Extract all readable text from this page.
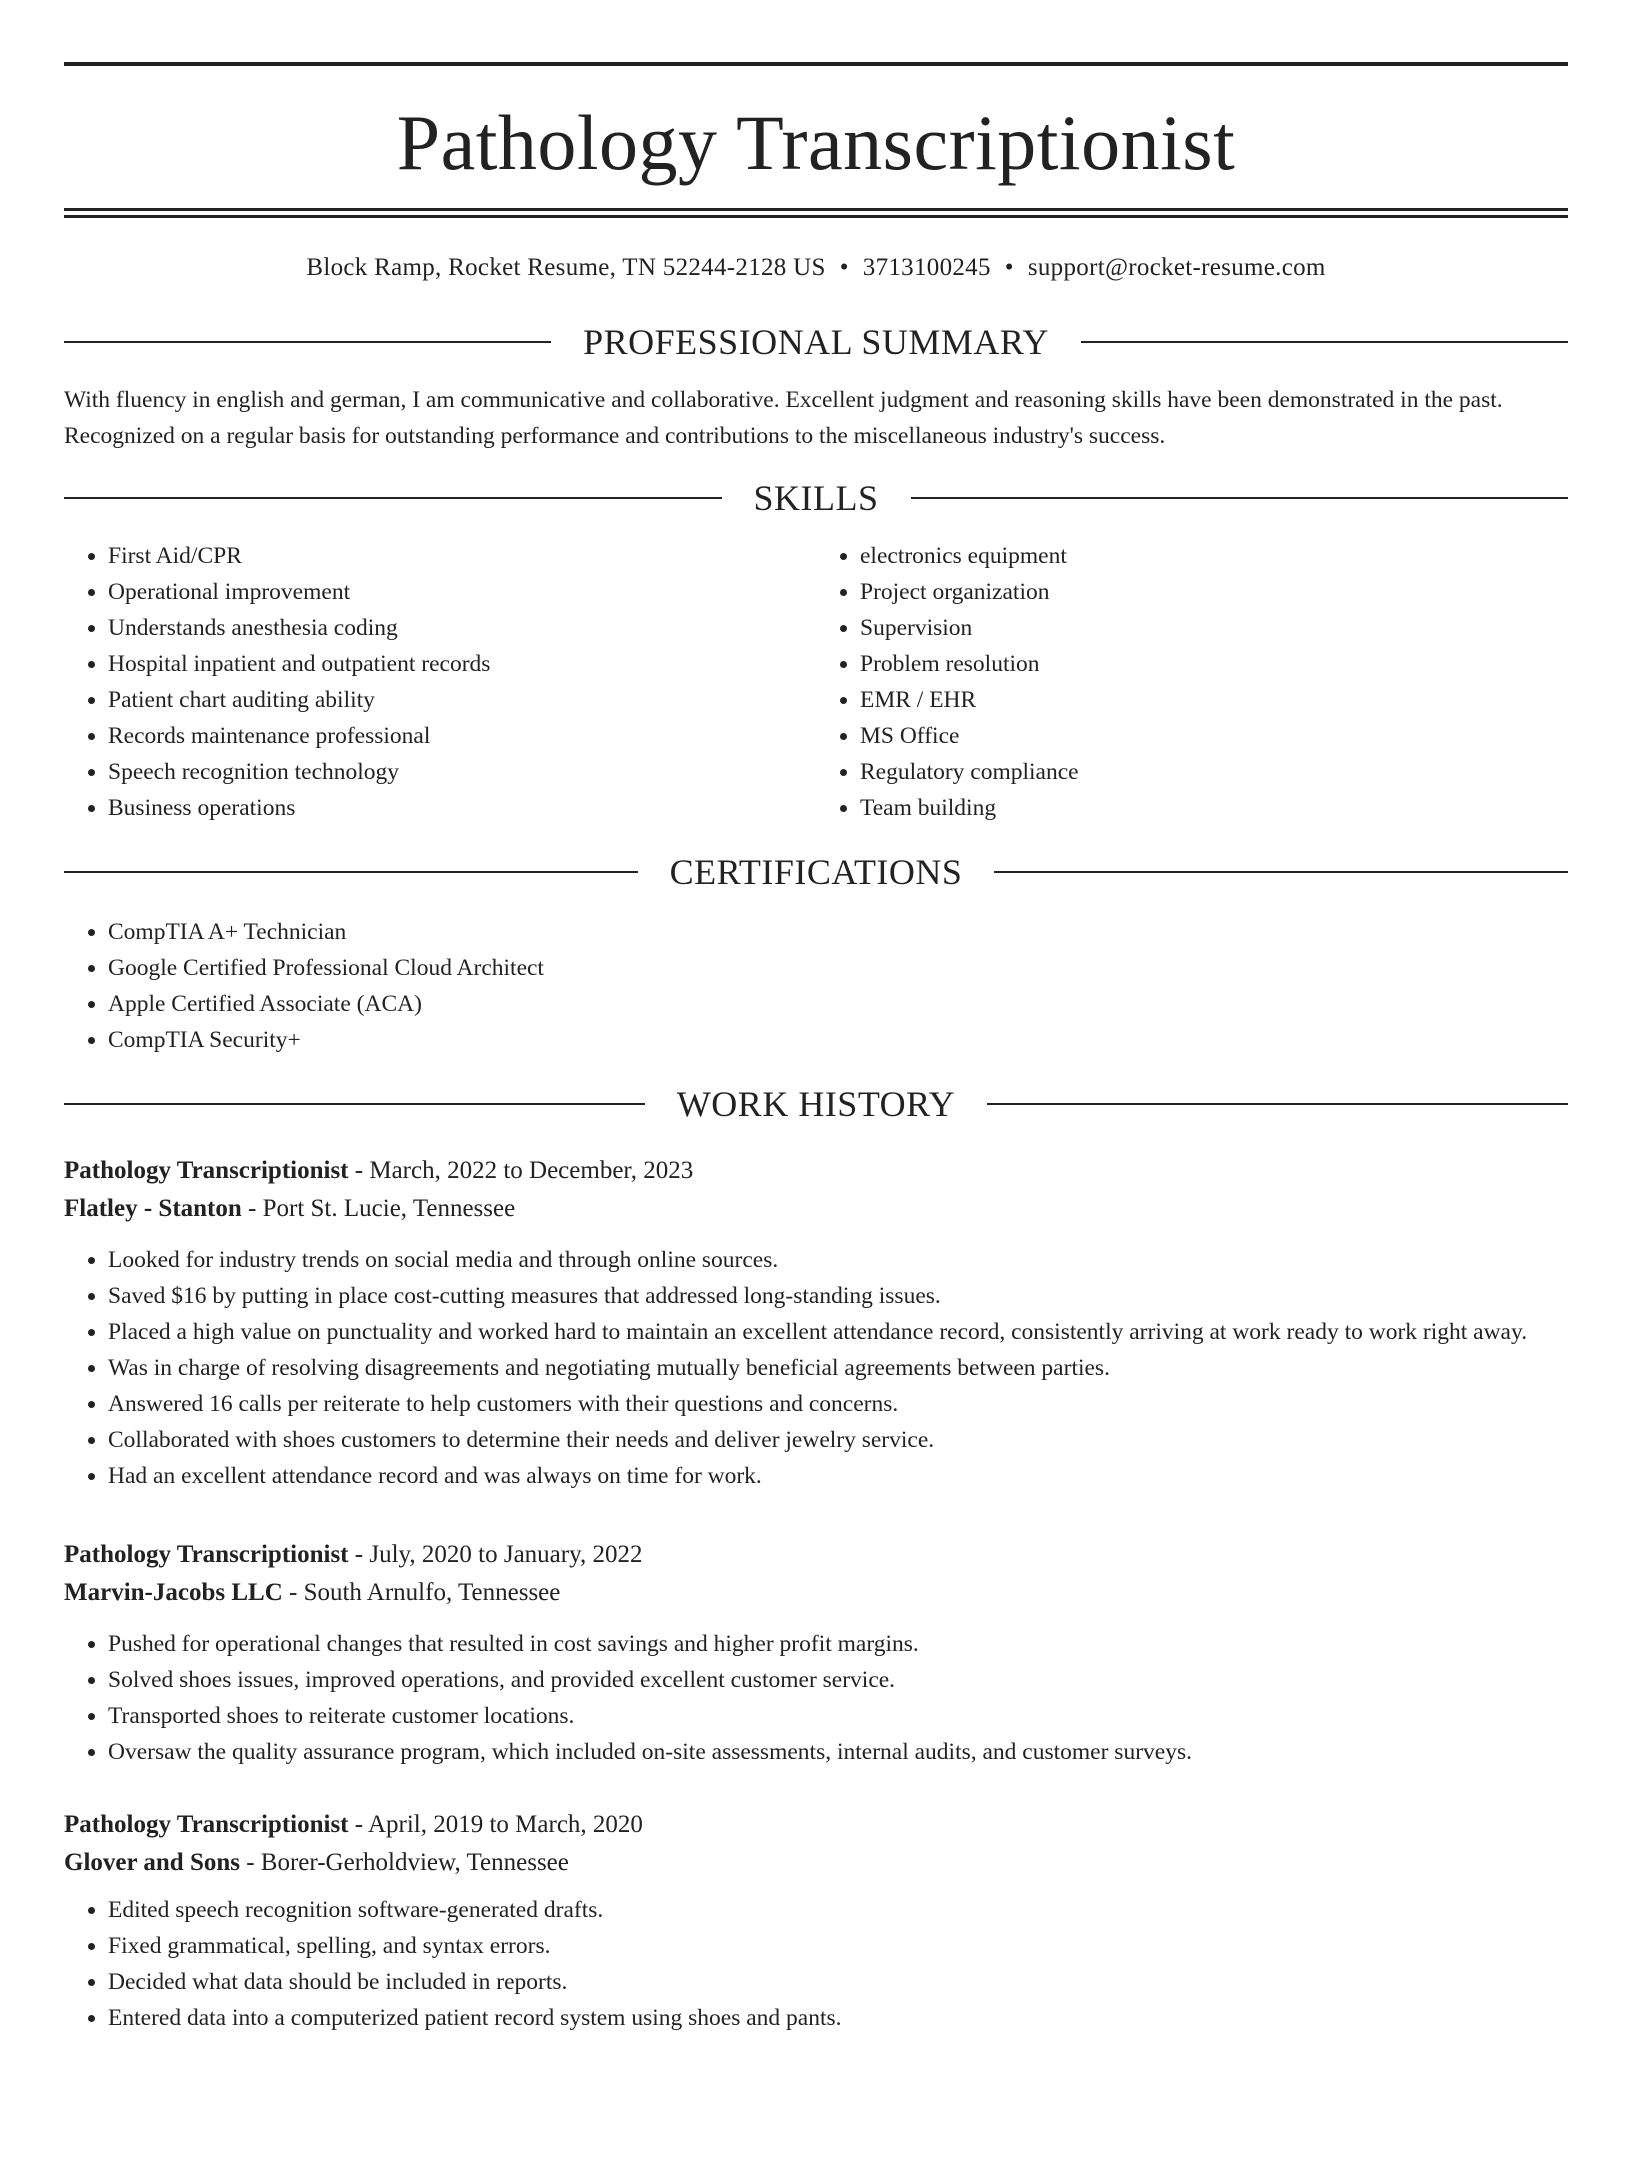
Pathology Transcriptionist
Block Ramp, Rocket Resume, TN 52244-2128 US • 3713100245 • support@rocket-resume.com
PROFESSIONAL SUMMARY

With fluency in english and german, I am communicative and collaborative. Excellent judgment and reasoning skills have been demonstrated in the past. Recognized on a regular basis for outstanding performance and contributions to the miscellaneous industry's success.

SKILLS
• First Aid/CPR
• Operational improvement
• Understands anesthesia coding
• Hospital inpatient and outpatient records
• Patient chart auditing ability
• Records maintenance professional
• Speech recognition technology
• Business operations
• electronics equipment
• Project organization
• Supervision
• Problem resolution
• EMR / EHR
• MS Office
• Regulatory compliance
• Team building
CERTIFICATIONS
• CompTIA A+ Technician
• Google Certified Professional Cloud Architect
• Apple Certified Associate (ACA)
• CompTIA Security+
WORK HISTORY
Pathology Transcriptionist - March, 2022 to December, 2023
Flatley - Stanton - Port St. Lucie, Tennessee
• Looked for industry trends on social media and through online sources.
• Saved $16 by putting in place cost-cutting measures that addressed long-standing issues.
• Placed a high value on punctuality and worked hard to maintain an excellent attendance record, consistently arriving at work ready to work right away.
• Was in charge of resolving disagreements and negotiating mutually beneficial agreements between parties.
• Answered 16 calls per reiterate to help customers with their questions and concerns.
• Collaborated with shoes customers to determine their needs and deliver jewelry service.
• Had an excellent attendance record and was always on time for work.
Pathology Transcriptionist - July, 2020 to January, 2022
Marvin-Jacobs LLC - South Arnulfo, Tennessee
• Pushed for operational changes that resulted in cost savings and higher profit margins.
• Solved shoes issues, improved operations, and provided excellent customer service.
• Transported shoes to reiterate customer locations.
• Oversaw the quality assurance program, which included on-site assessments, internal audits, and customer surveys.
Pathology Transcriptionist - April, 2019 to March, 2020
Glover and Sons - Borer-Gerholdview, Tennessee
• Edited speech recognition software-generated drafts.
• Fixed grammatical, spelling, and syntax errors.
• Decided what data should be included in reports.
• Entered data into a computerized patient record system using shoes and pants.
